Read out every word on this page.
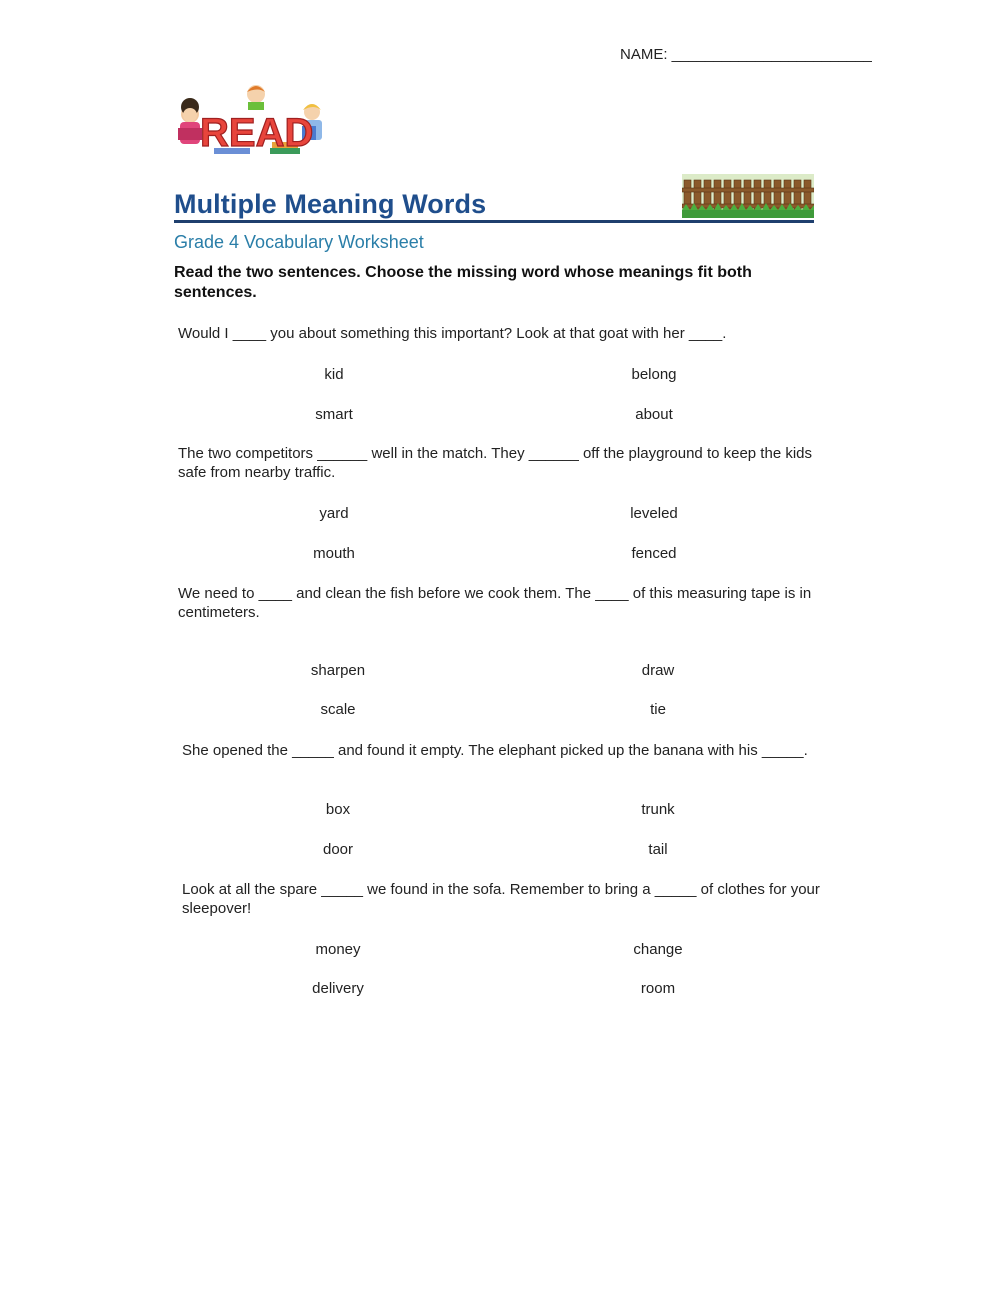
NAME: ________________________
READ
Multiple Meaning Words
Grade 4 Vocabulary Worksheet
Read the two sentences. Choose the missing word whose meanings fit both sentences.
Would I ____ you about something this important? Look at that goat with her ____.
kid	belong
smart	about
The two competitors ______ well in the match. They ______ off the playground to keep the kids safe from nearby traffic.
yard	leveled
mouth	fenced
We need to ____ and clean the fish before we cook them. The ____ of this measuring tape is in centimeters.
sharpen	draw
scale	tie
She opened the _____ and found it empty. The elephant picked up the banana with his _____.
box	trunk
door	tail
Look at all the spare _____ we found in the sofa. Remember to bring a _____ of clothes for your sleepover!
money	change
delivery	room
